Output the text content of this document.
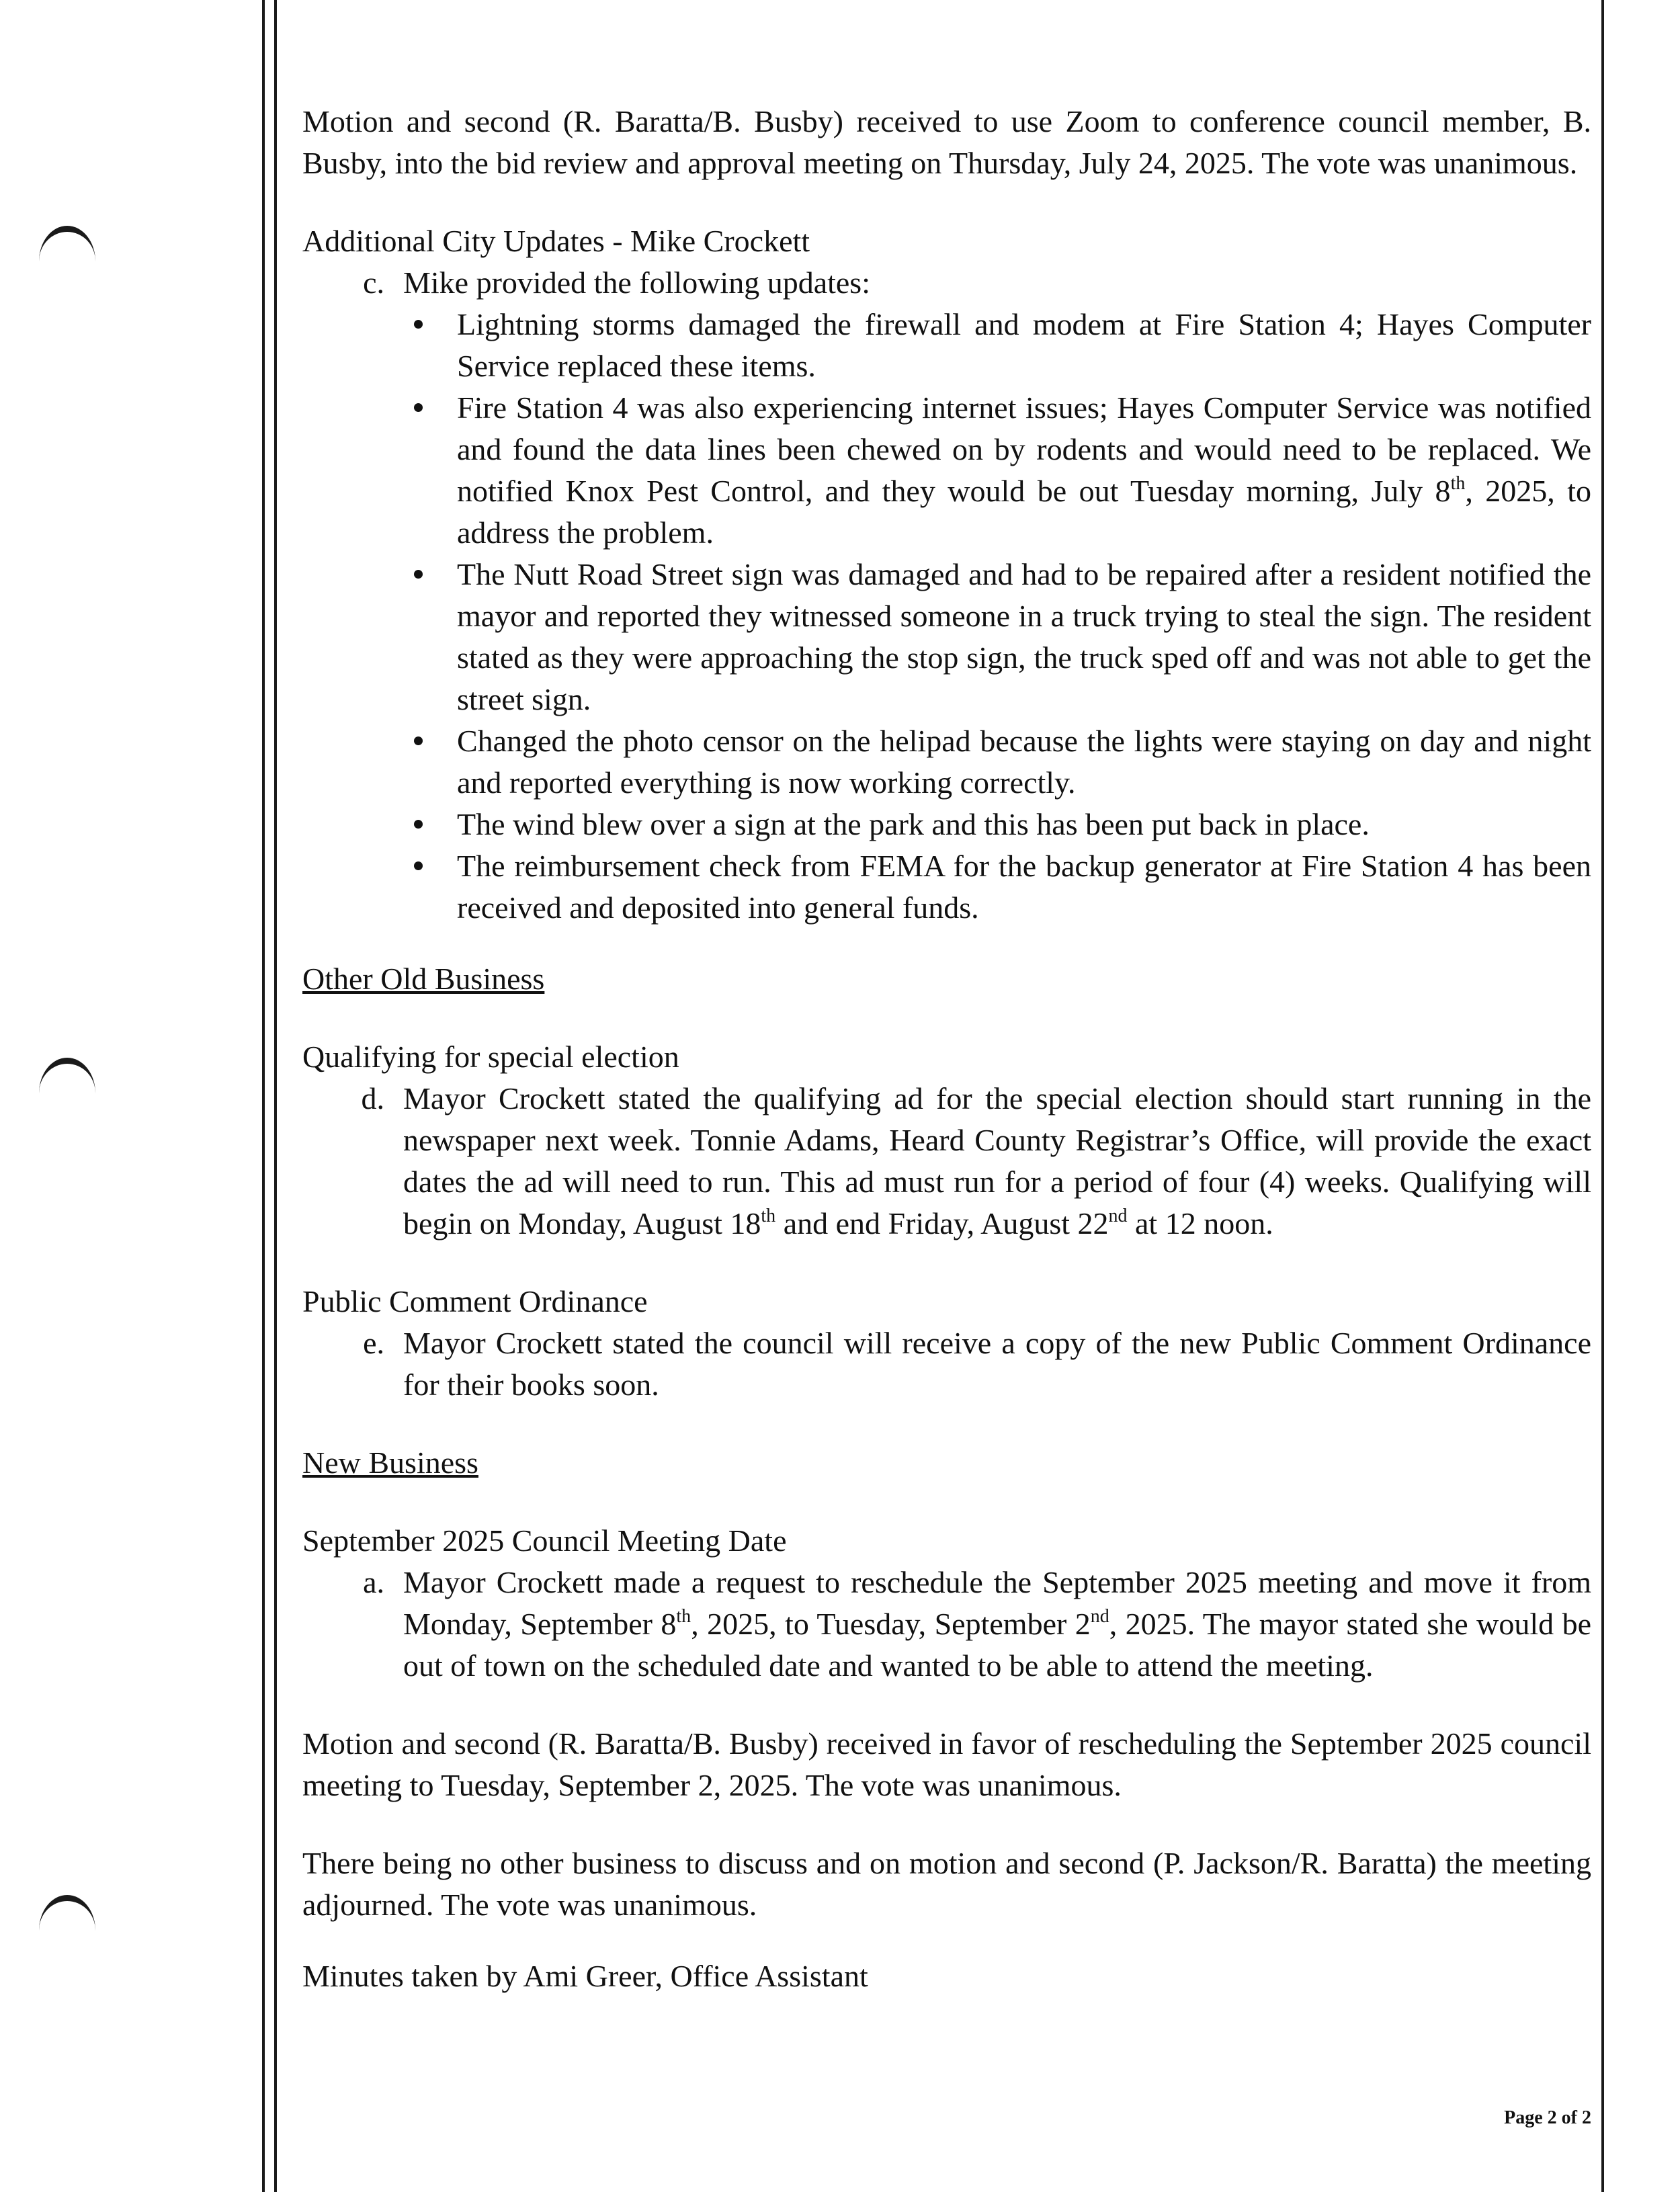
Motion and second (R. Baratta/B. Busby) received to use Zoom to conference council member, B. Busby, into the bid review and approval meeting on Thursday, July 24, 2025. The vote was unanimous.

Additional City Updates - Mike Crockett

c. Mike provided the following updates:
Lightning storms damaged the firewall and modem at Fire Station 4; Hayes Computer Service replaced these items.
Fire Station 4 was also experiencing internet issues; Hayes Computer Service was notified and found the data lines been chewed on by rodents and would need to be replaced. We notified Knox Pest Control, and they would be out Tuesday morning, July 8th, 2025, to address the problem.
The Nutt Road Street sign was damaged and had to be repaired after a resident notified the mayor and reported they witnessed someone in a truck trying to steal the sign. The resident stated as they were approaching the stop sign, the truck sped off and was not able to get the street sign.
Changed the photo censor on the helipad because the lights were staying on day and night and reported everything is now working correctly.
The wind blew over a sign at the park and this has been put back in place.
The reimbursement check from FEMA for the backup generator at Fire Station 4 has been received and deposited into general funds.

Other Old Business

Qualifying for special election

d. Mayor Crockett stated the qualifying ad for the special election should start running in the newspaper next week. Tonnie Adams, Heard County Registrar’s Office, will provide the exact dates the ad will need to run. This ad must run for a period of four (4) weeks. Qualifying will begin on Monday, August 18th and end Friday, August 22nd at 12 noon.

Public Comment Ordinance

e. Mayor Crockett stated the council will receive a copy of the new Public Comment Ordinance for their books soon.

New Business

September 2025 Council Meeting Date

a. Mayor Crockett made a request to reschedule the September 2025 meeting and move it from Monday, September 8th, 2025, to Tuesday, September 2nd, 2025. The mayor stated she would be out of town on the scheduled date and wanted to be able to attend the meeting.

Motion and second (R. Baratta/B. Busby) received in favor of rescheduling the September 2025 council meeting to Tuesday, September 2, 2025. The vote was unanimous.

There being no other business to discuss and on motion and second (P. Jackson/R. Baratta) the meeting adjourned. The vote was unanimous.

Minutes taken by Ami Greer, Office Assistant

Page 2 of 2
